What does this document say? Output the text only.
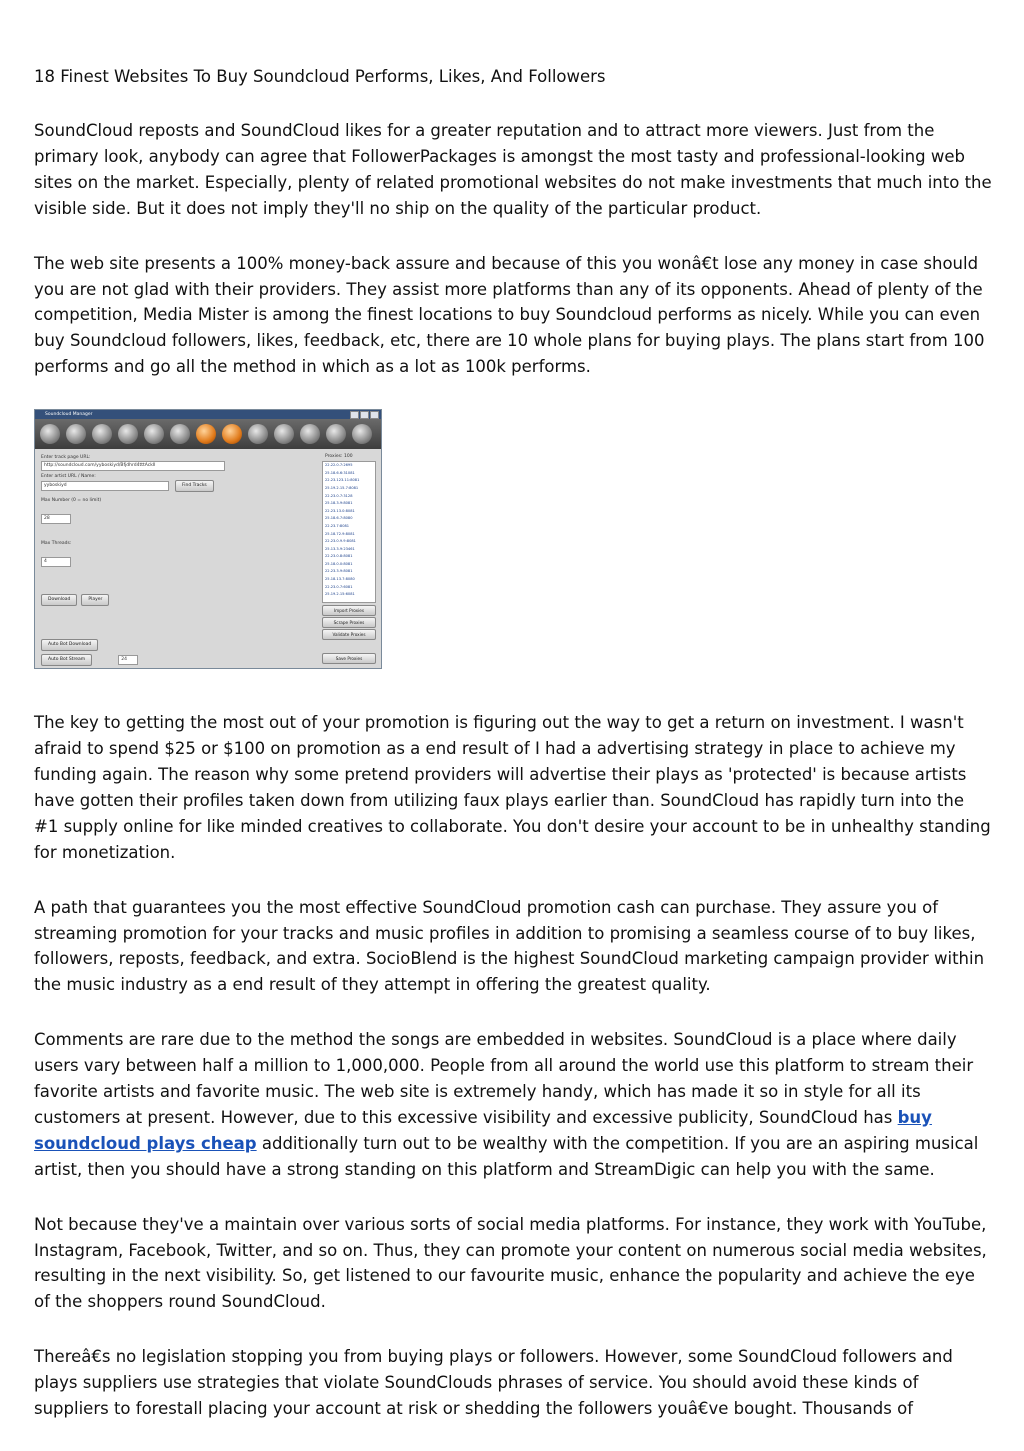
18 Finest Websites To Buy Soundcloud Performs, Likes, And Followers

SoundCloud reposts and SoundCloud likes for a greater reputation and to attract more viewers. Just from the primary look, anybody can agree that FollowerPackages is amongst the most tasty and professional-looking web sites on the market. Especially, plenty of related promotional websites do not make investments that much into the visible side. But it does not imply they'll no ship on the quality of the particular product.

The web site presents a 100% money-back assure and because of this you wonâ€t lose any money in case should you are not glad with their providers. They assist more platforms than any of its opponents. Ahead of plenty of the competition, Media Mister is among the finest locations to buy Soundcloud performs as nicely. While you can even buy Soundcloud followers, likes, feedback, etc, there are 10 whole plans for buying plays. The plans start from 100 performs and go all the method in which as a lot as 100k performs.

Soundcloud Manager
Enter track page URL:
http://soundcloud.com/yyboskiyd/Bfjdhrd4tttAckII
Enter artist URL / Name:
yyboskiyd	Find Tracks
Max Number (0 = no limit)
28
Max Threads:
4
Download	Player
Auto Bot Download
Auto Bot Stream	24
Proxies: 100
22.22.0.7:2695
25.18.6.6:31081
22.23.123.11:8081
25.19.2.15.7:8081
22.23.0.7:3128
25.18.3.9:8081
22.23.13.0:8081
25.18.6.7:8080
22.23.7:8081
25.18.72.9:8081
22.23.0.9.9:8081
25.13.3.9:23461
22.23.0.8:8081
25.18.0.0:8081
22.23.3.9:8081
25.18.13.7:8080
22.23.0.7:6081
25.19.2.15:6081
Import Proxies
Scrape Proxies
Validate Proxies
Save Proxies

The key to getting the most out of your promotion is figuring out the way to get a return on investment. I wasn't afraid to spend $25 or $100 on promotion as a end result of I had a advertising strategy in place to achieve my funding again. The reason why some pretend providers will advertise their plays as 'protected' is because artists have gotten their profiles taken down from utilizing faux plays earlier than. SoundCloud has rapidly turn into the #1 supply online for like minded creatives to collaborate. You don't desire your account to be in unhealthy standing for monetization.

A path that guarantees you the most effective SoundCloud promotion cash can purchase. They assure you of streaming promotion for your tracks and music profiles in addition to promising a seamless course of to buy likes, followers, reposts, feedback, and extra. SocioBlend is the highest SoundCloud marketing campaign provider within the music industry as a end result of they attempt in offering the greatest quality.

Comments are rare due to the method the songs are embedded in websites. SoundCloud is a place where daily users vary between half a million to 1,000,000. People from all around the world use this platform to stream their favorite artists and favorite music. The web site is extremely handy, which has made it so in style for all its customers at present. However, due to this excessive visibility and excessive publicity, SoundCloud has buy soundcloud plays cheap additionally turn out to be wealthy with the competition. If you are an aspiring musical artist, then you should have a strong standing on this platform and StreamDigic can help you with the same.

Not because they've a maintain over various sorts of social media platforms. For instance, they work with YouTube, Instagram, Facebook, Twitter, and so on. Thus, they can promote your content on numerous social media websites, resulting in the next visibility. So, get listened to our favourite music, enhance the popularity and achieve the eye of the shoppers round SoundCloud.

Thereâ€s no legislation stopping you from buying plays or followers. However, some SoundCloud followers and plays suppliers use strategies that violate SoundClouds phrases of service. You should avoid these kinds of suppliers to forestall placing your account at risk or shedding the followers youâ€ve bought. Thousands of
